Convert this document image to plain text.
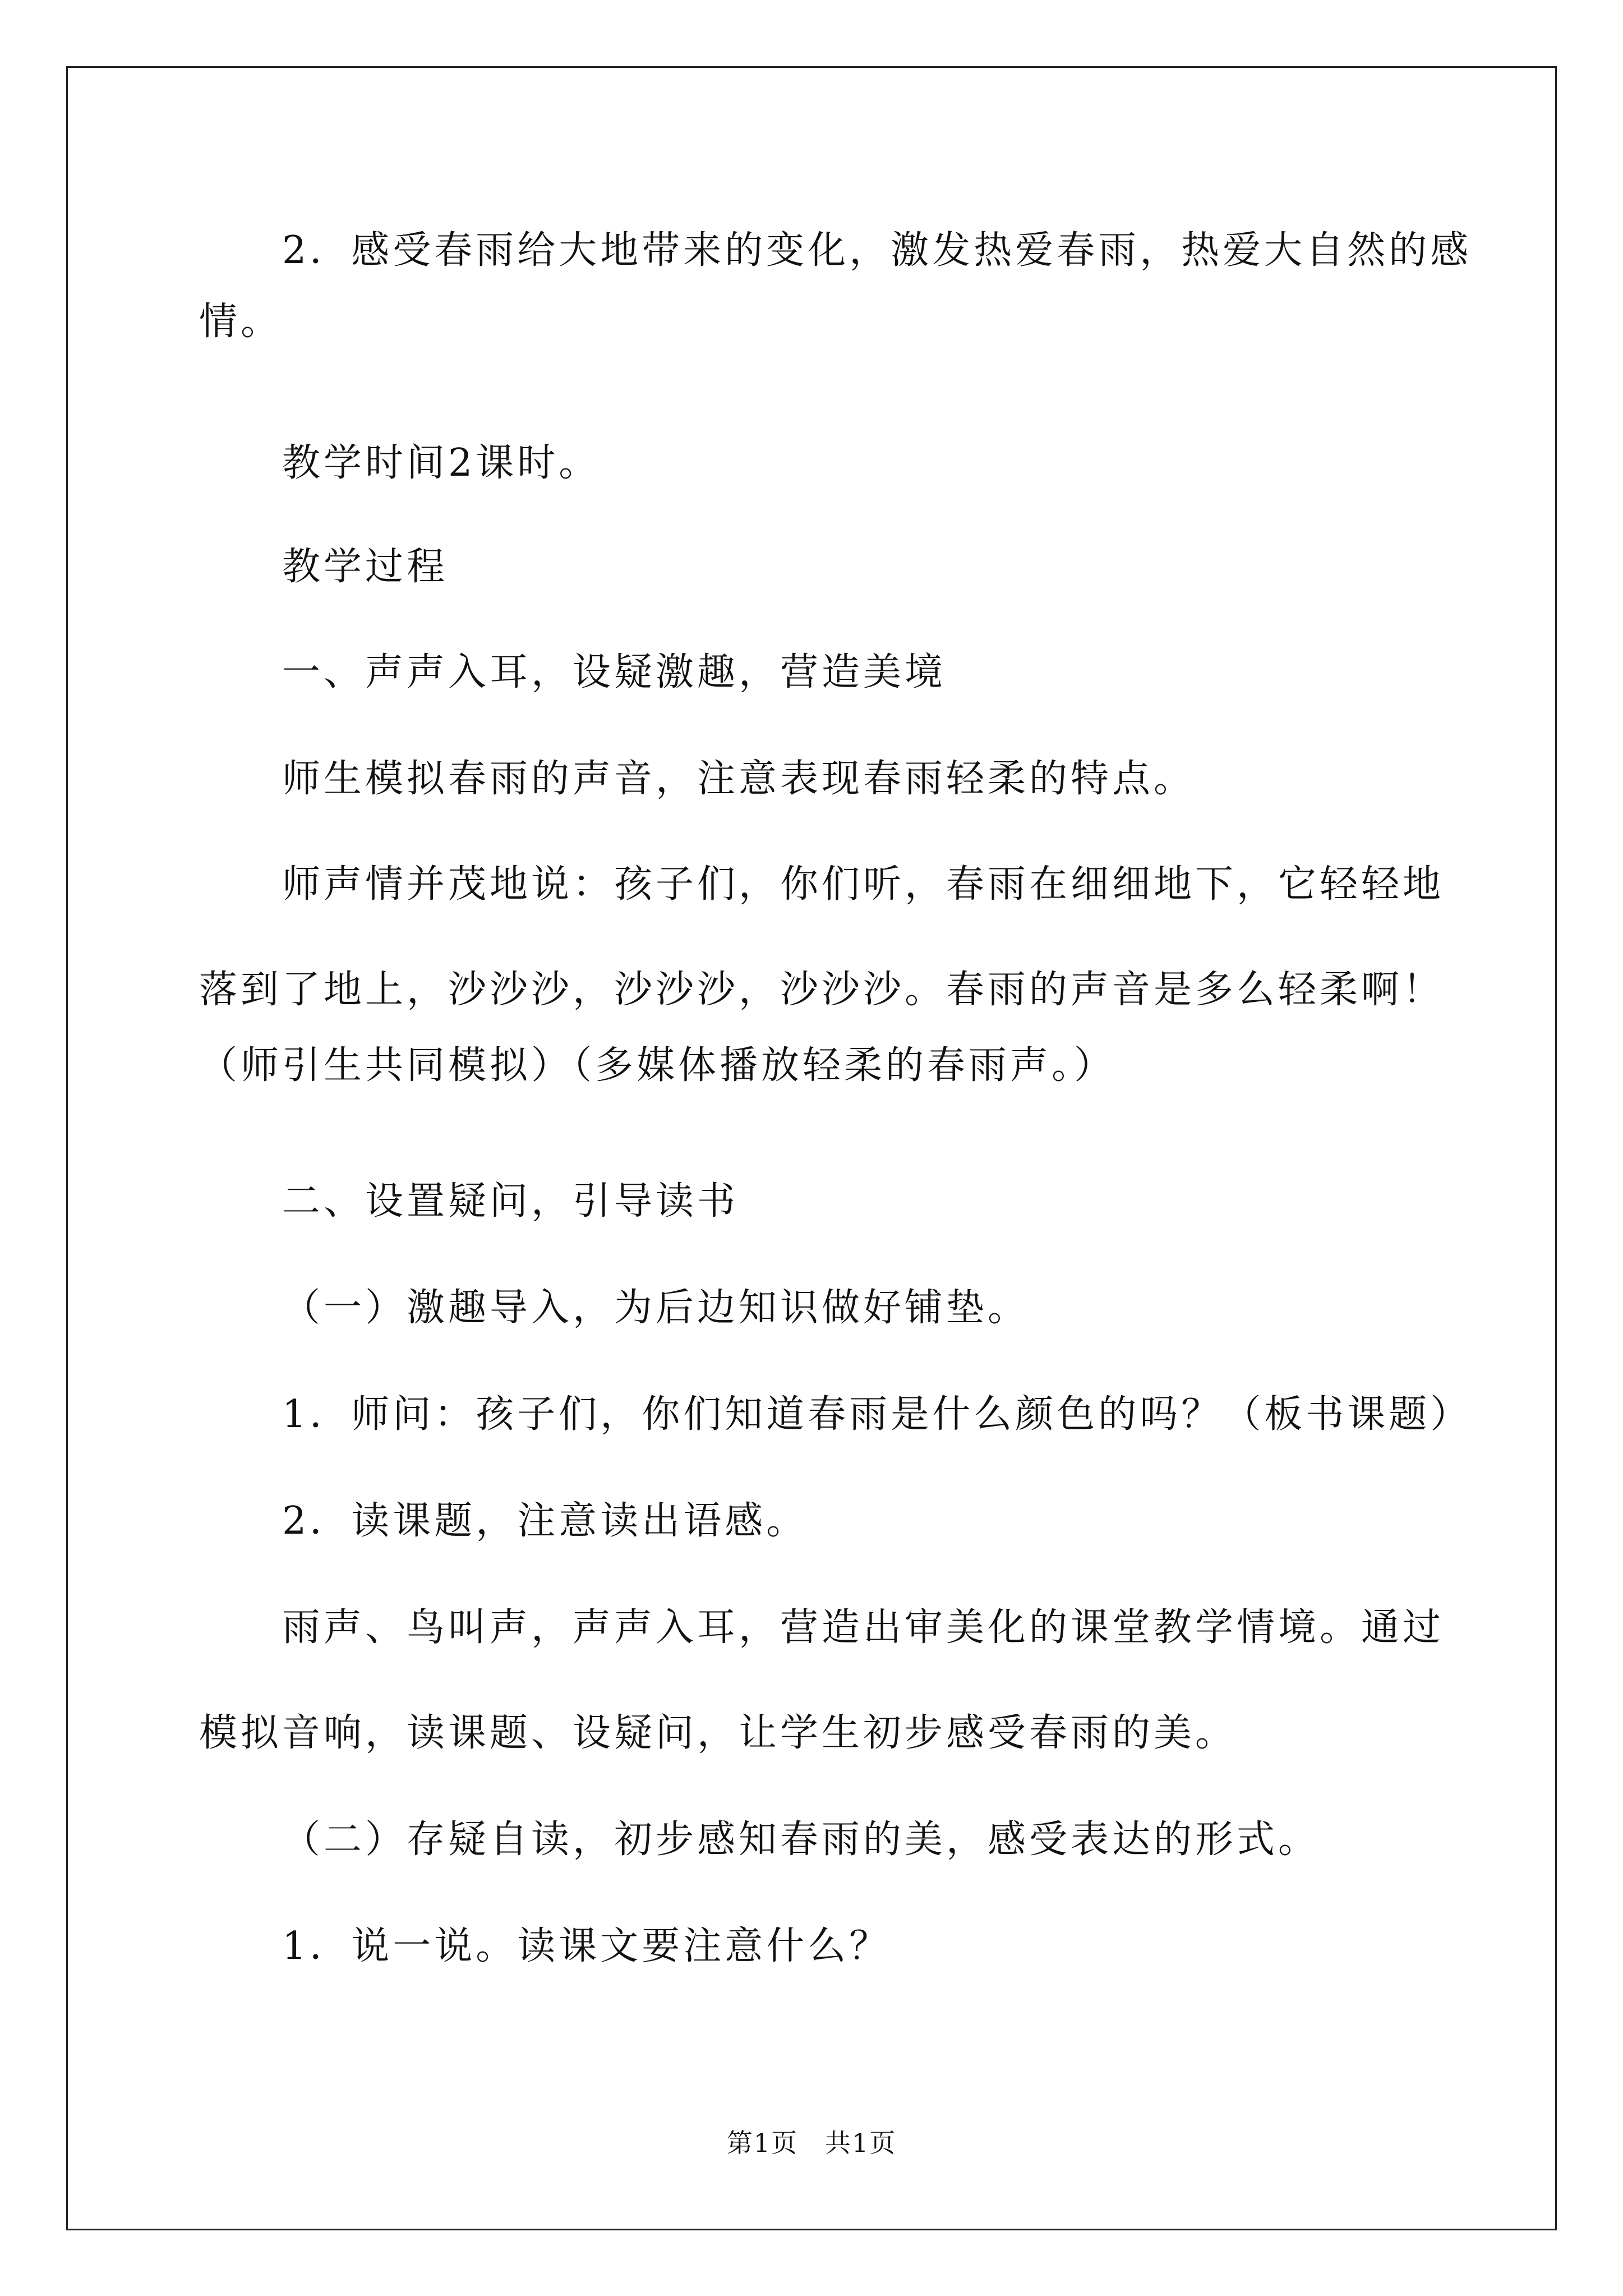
2．感受春雨给大地带来的变化，激发热爱春雨，热爱大自然的感
情。
教学时间2课时。
教学过程
一、声声入耳，设疑激趣，营造美境
师生模拟春雨的声音，注意表现春雨轻柔的特点。
师声情并茂地说：孩子们，你们听，春雨在细细地下，它轻轻地
落到了地上，沙沙沙，沙沙沙，沙沙沙。春雨的声音是多么轻柔啊！
（师引生共同模拟）（多媒体播放轻柔的春雨声。）
二、设置疑问，引导读书
（一）激趣导入，为后边知识做好铺垫。
1．师问：孩子们，你们知道春雨是什么颜色的吗？（板书课题）
2．读课题，注意读出语感。
雨声、鸟叫声，声声入耳，营造出审美化的课堂教学情境。通过
模拟音响，读课题、设疑问，让学生初步感受春雨的美。
（二）存疑自读，初步感知春雨的美，感受表达的形式。
1．说一说。读课文要注意什么？
第1页　共1页
